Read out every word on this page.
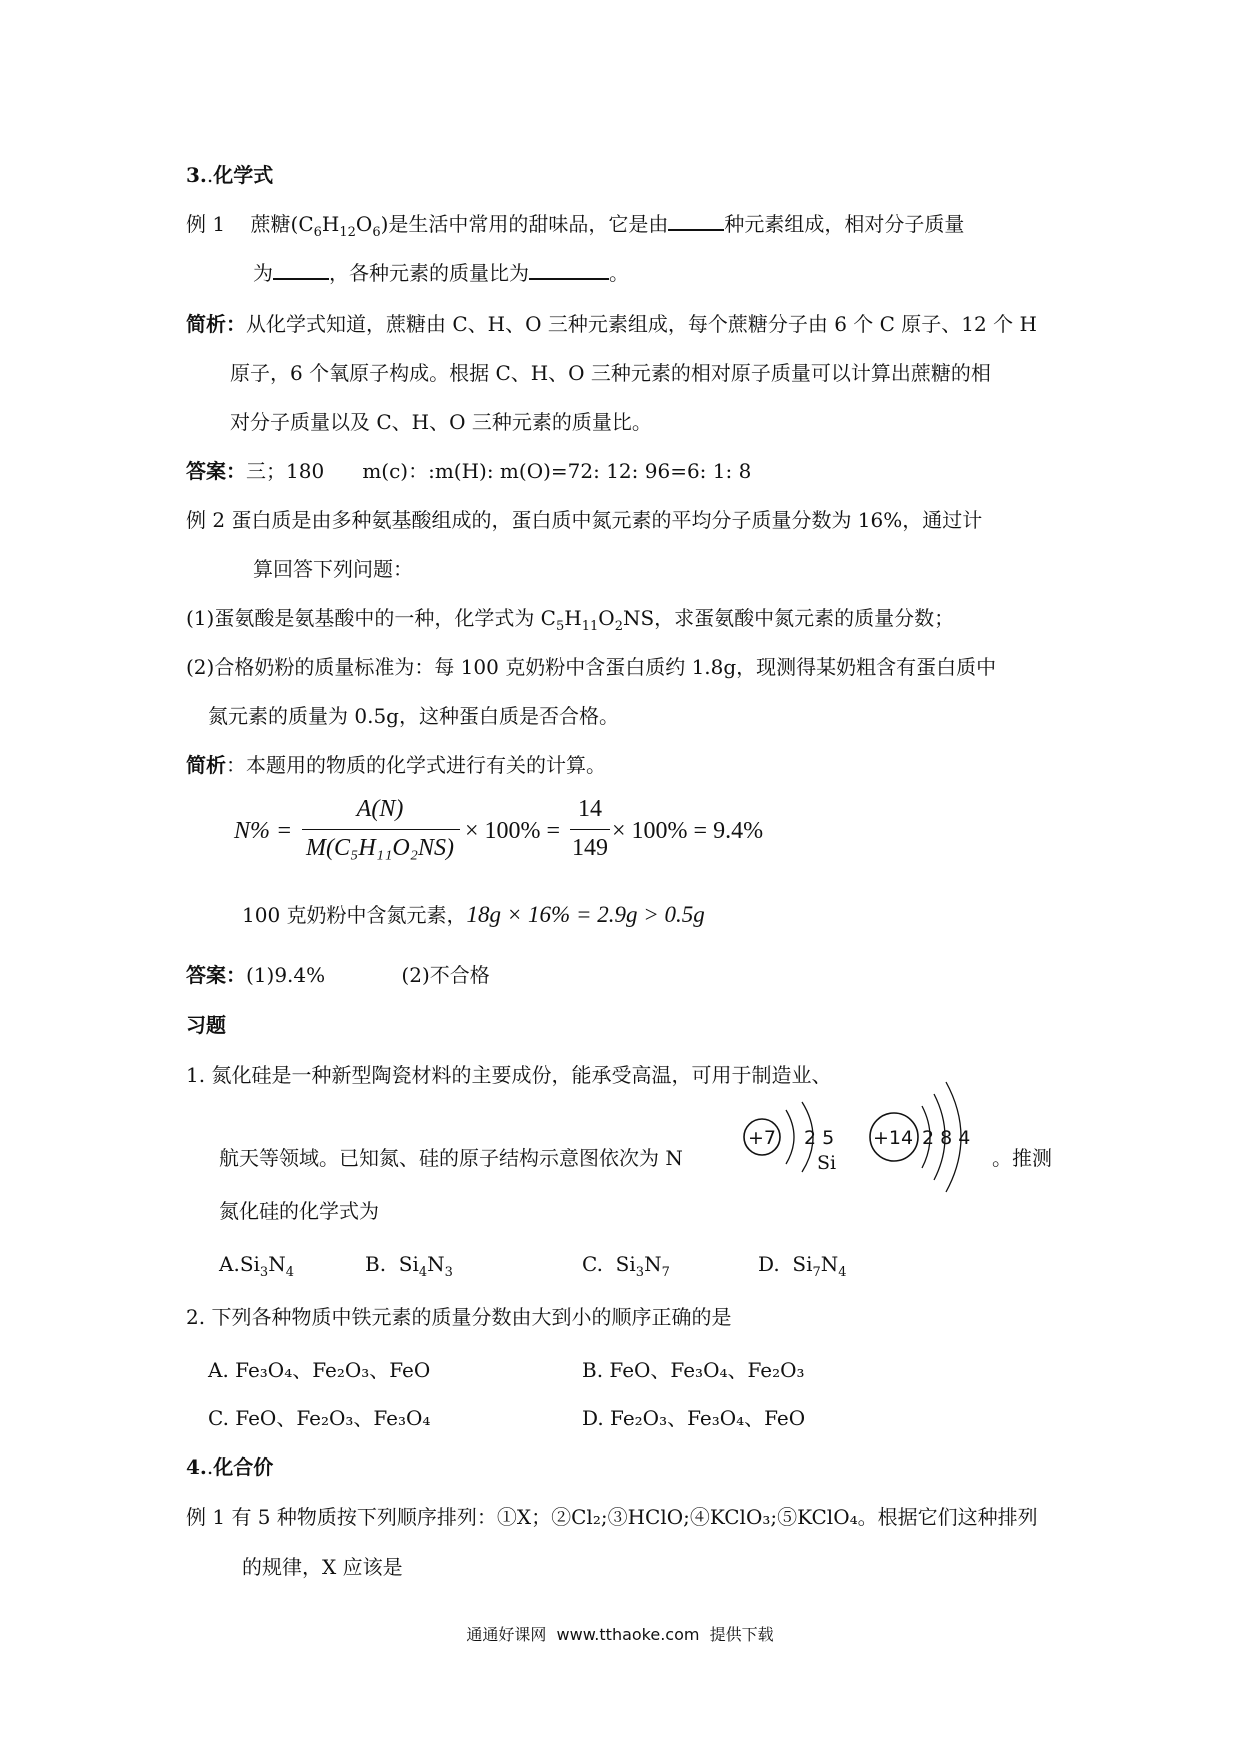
3..化学式
例 1 蔗糖$(C_6H_{12}O_6)$是生活中常用的甜味品，它是由	种元素组成，相对分子质量
为	，各种元素的质量比为	。
简析：从化学式知道，蔗糖由 C、H、O 三种元素组成，每个蔗糖分子由 6 个 C 原子、12 个 H
原子，6 个氧原子构成。根据 C、H、O 三种元素的相对原子质量可以计算出蔗糖的相
对分子质量以及 C、H、O 三种元素的质量比。
答案：三；180      m(c)：:m(H): m(O)=72: 12: 96=6: 1: 8
例 2 蛋白质是由多种氨基酸组成的，蛋白质中氮元素的平均分子质量分数为 16%，通过计
算回答下列问题：
(1)蛋氨酸是氨基酸中的一种，化学式为 $C_5H_{11}O_2NS$，求蛋氨酸中氮元素的质量分数；
(2)合格奶粉的质量标准为：每 100 克奶粉中含蛋白质约 1.8g，现测得某奶粗含有蛋白质中
氮元素的质量为 0.5g，这种蛋白质是否合格。
简析：本题用的物质的化学式进行有关的计算。
N% =
A(N)
M(C₅H₁₁O₂NS)
× 100% =
14
149
× 100% = 9.4%
100 克奶粉中含氮元素，18g × 16% = 2.9g > 0.5g
答案：(1)9.4%            (2)不合格
习题
1. 氮化硅是一种新型陶瓷材料的主要成份，能承受高温，可用于制造业、
航天等领域。已知氮、硅的原子结构示意图依次为 N
+7 2 5
Si
+14 2 8 4
。推测
氮化硅的化学式为
$A.Si_3N_4$	B. $Si_4N_3$	C. $Si_3N_7$	D. $Si_7N_4$
2. 下列各种物质中铁元素的质量分数由大到小的顺序正确的是
A. Fe₃O₄、Fe₂O₃、FeO	B. FeO、Fe₃O₄、Fe₂O₃
C. FeO、Fe₂O₃、Fe₃O₄	D. Fe₂O₃、Fe₃O₄、FeO
4..化合价
例 1 有 5 种物质按下列顺序排列：①X；②Cl₂;③HClO;④KClO₃;⑤KClO₄。根据它们这种排列
的规律，X 应该是
通通好课网  www.tthaoke.com  提供下载
